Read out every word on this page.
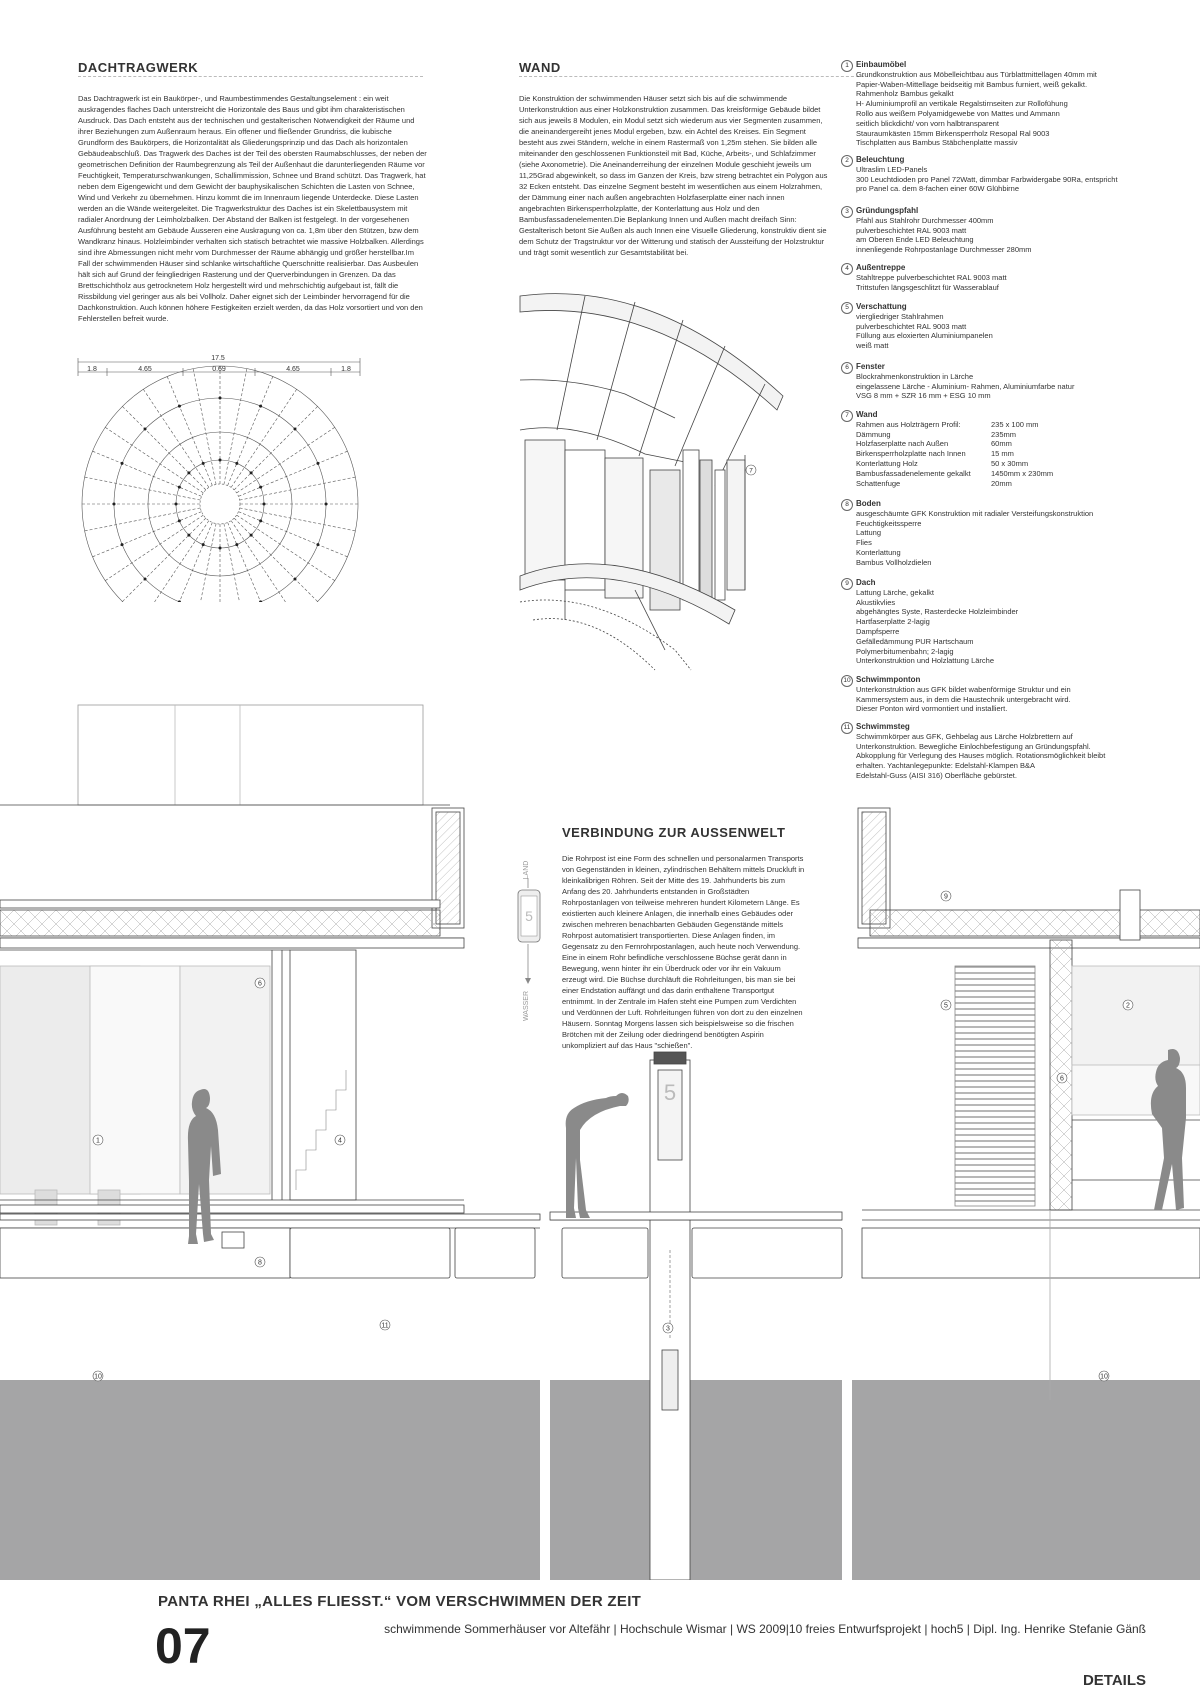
DACHTRAGWERK
Das Dachtragwerk ist ein Baukörper-, und Raumbestimmendes Gestaltungselement : ein weit auskragendes flaches Dach unterstreicht die Horizontale des Baus und gibt ihm charakteristischen Ausdruck. Das Dach entsteht aus der technischen und gestalterischen Notwendigkeit der Räume und ihrer Beziehungen zum Außenraum heraus. Ein offener und fließender Grundriss, die kubische Grundform des Baukörpers, die Horizontalität als Gliederungsprinzip und das Dach als horizontalen Gebäudeabschluß. Das Tragwerk des Daches ist der Teil des obersten Raumabschlusses, der neben der geometrischen Definition der Raumbegrenzung als Teil der Außenhaut die darunterliegenden Räume vor Feuchtigkeit, Temperaturschwankungen, Schallimmission, Schnee und Brand schützt. Das Tragwerk, hat neben dem Eigengewicht und dem Gewicht der bauphysikalischen Schichten die Lasten von Schnee, Wind und Verkehr zu übernehmen. Hinzu kommt die im Innenraum liegende Unterdecke. Diese Lasten werden an die Wände weitergeleitet. Die Tragwerkstruktur des Daches ist ein Skelettbausystem mit radialer Anordnung der Leimholzbalken. Der Abstand der Balken ist festgelegt. In der vorgesehenen Ausführung besteht am Gebäude Äusseren eine Auskragung von ca. 1,8m über den Stützen, bzw dem Wandkranz hinaus. Holzleimbinder verhalten sich statisch betrachtet wie massive Holzbalken. Allerdings sind ihre Abmessungen nicht mehr vom Durchmesser der Räume abhängig und größer herstellbar.Im Fall der schwimmenden Häuser sind schlanke wirtschaftliche Querschnitte realisierbar. Das Ausbeulen hält sich auf Grund der feingliedrigen Rasterung und der Querverbindungen in Grenzen. Da das Brettschichtholz aus getrocknetem Holz hergestellt wird und mehrschichtig aufgebaut ist, fällt die Rissbildung viel geringer aus als bei Vollholz. Daher eignet sich der Leimbinder hervorragend für die Dachkonstruktion. Auch können höhere Festigkeiten erzielt werden, da das Holz vorsortiert und von den Fehlerstellen befreit wurde.
17.5
1.8	4.65	0.69	4.65	1.8
WAND
Die Konstruktion der schwimmenden Häuser setzt sich bis auf die schwimmende Unterkonstruktion aus einer Holzkonstruktion zusammen. Das kreisförmige Gebäude bildet sich aus jeweils 8 Modulen, ein Modul setzt sich wiederum aus vier Segmenten zusammen, die aneinandergereiht jenes Modul ergeben, bzw. ein Achtel des Kreises. Ein Segment besteht aus zwei Ständern, welche in einem Rastermaß von 1,25m stehen. Sie bilden alle miteinander den geschlossenen Funktionsteil mit Bad, Küche, Arbeits-, und Schlafzimmer (siehe Axonometrie). Die Aneinanderreihung der einzelnen Module geschieht jeweils um 11,25Grad abgewinkelt, so dass im Ganzen der Kreis, bzw streng betrachtet ein Polygon aus 32 Ecken entsteht. Das einzelne Segment besteht im wesentlichen aus einem Holzrahmen, der Dämmung einer nach außen angebrachten Holzfaserplatte einer nach innen angebrachten Birkensperrholzplatte, der Konterlattung aus Holz und den Bambusfassadenelementen.Die Beplankung Innen und Außen macht dreifach Sinn: Gestalterisch betont Sie Außen als auch Innen eine Visuelle Gliederung, konstruktiv dient sie dem Schutz der Tragstruktur vor der Witterung und statisch der Aussteifung der Holzstruktur und trägt somit wesentlich zur Gesamtstabilität bei.
7
1 Einbaumöbel
Grundkonstruktion aus Möbelleichtbau aus Türblattmittellagen 40mm mit
Papier-Waben-Mittellage beidseitig mit Bambus furniert, weiß gekalkt.
Rahmenholz Bambus gekalkt
H- Aluminiumprofil an vertikale Regalstirnseiten zur Rollofühung
Rollo aus weißem Polyamidgewebe von Mattes und Ammann
seitlich blickdicht/ von vorn halbtransparent
Stauraumkästen 15mm Birkensperrholz Resopal Ral 9003
Tischplatten aus Bambus Stäbchenplatte massiv
2 Beleuchtung
Ultraslim LED-Panels
300 Leuchtdioden pro Panel 72Watt, dimmbar Farbwidergabe 90Ra, entspricht
pro Panel ca. dem 8-fachen einer 60W Glühbirne
3 Gründungspfahl
Pfahl aus Stahlrohr Durchmesser 400mm
pulverbeschichtet RAL 9003 matt
am Oberen Ende LED Beleuchtung
innenliegende Rohrpostanlage Durchmesser 280mm
4 Außentreppe
Stahltreppe pulverbeschichtet RAL 9003 matt
Trittstufen längsgeschlitzt für Wasserablauf
5 Verschattung
viergliedriger Stahlrahmen
pulverbeschichtet RAL 9003 matt
Füllung aus eloxierten Aluminiumpanelen
weiß matt
6 Fenster
Blockrahmenkonstruktion in Lärche
eingelassene Lärche - Aluminium- Rahmen, Aluminiumfarbe natur
VSG 8 mm + SZR 16 mm + ESG 10 mm
7 Wand
Rahmen aus Holzträgern Profil:	235 x 100 mm
Dämmung	235mm
Holzfaserplatte nach Außen	60mm
Birkensperrholzplatte nach Innen	15 mm
Konterlattung Holz	50 x 30mm
Bambusfassadenelemente gekalkt	1450mm x 230mm
Schattenfuge	20mm
8 Boden
ausgeschäumte GFK Konstruktion mit radialer Versteifungskonstruktion
Feuchtigkeitssperre
Lattung
Flies
Konterlattung
Bambus Vollholzdielen
9 Dach
Lattung Lärche, gekalkt
Akustikvlies
abgehängtes Syste, Rasterdecke Holzleimbinder
Hartfaserplatte 2-lagig
Dampfsperre
Gefälledämmung PUR Hartschaum
Polymerbitumenbahn; 2-lagig
Unterkonstruktion und Holzlattung Lärche
10 Schwimmponton
Unterkonstruktion aus GFK bildet wabenförmige Struktur und ein
Kammersystem aus, in dem die Haustechnik untergebracht wird.
Dieser Ponton wird vormontiert und installiert.
11 Schwimmsteg
Schwimmkörper aus GFK, Gehbelag aus Lärche Holzbrettern auf
Unterkonstruktion. Bewegliche Einlochbefestigung an Gründungspfahl.
Abkopplung für Verlegung des Hauses möglich. Rotationsmöglichkeit bleibt
erhalten. Yachtanlegepunkte: Edelstahl-Klampen B&A
Edelstahl-Guss (AISI 316) Oberfläche gebürstet.
VERBINDUNG ZUR AUSSENWELT
Die Rohrpost ist eine Form des schnellen und personalarmen Transports von Gegenständen in kleinen, zylindrischen Behältern mittels Druckluft in kleinkalibrigen Röhren. Seit der Mitte des 19. Jahrhunderts bis zum Anfang des 20. Jahrhunderts entstanden in Großstädten Rohrpostanlagen von teilweise mehreren hundert Kilometern Länge. Es existierten auch kleinere Anlagen, die innerhalb eines Gebäudes oder zwischen mehreren benachbarten Gebäuden Gegenstände mittels Rohrpost automatisiert transportierten. Diese Anlagen finden, im Gegensatz zu den Fernrohrpostanlagen, auch heute noch Verwendung. Eine in einem Rohr befindliche verschlossene Büchse gerät dann in Bewegung, wenn hinter ihr ein Überdruck oder vor ihr ein Vakuum erzeugt wird. Die Büchse durchläuft die Rohrleitungen, bis man sie bei einer Endstation auffängt und das darin enthaltene Transportgut entnimmt. In der Zentrale im Hafen steht eine Pumpen zum Verdichten und Verdünnen der Luft. Rohrleitungen führen von dort zu den einzelnen Häusern. Sonntag Morgens lassen sich beispielsweise so die frischen Brötchen mit der Zeilung oder diedringend benötigten Aspirin unkompliziert auf das Haus "schießen".
LAND
5
WASSER
5
1
6
4
8
10
11	3
9
5	2
6
10
PANTA RHEI „ALLES FLIESST.“ VOM VERSCHWIMMEN DER ZEIT
07	schwimmende Sommerhäuser vor Altefähr | Hochschule Wismar | WS 2009|10 freies Entwurfsprojekt | hoch5 | Dipl. Ing. Henrike Stefanie Gänß
DETAILS
